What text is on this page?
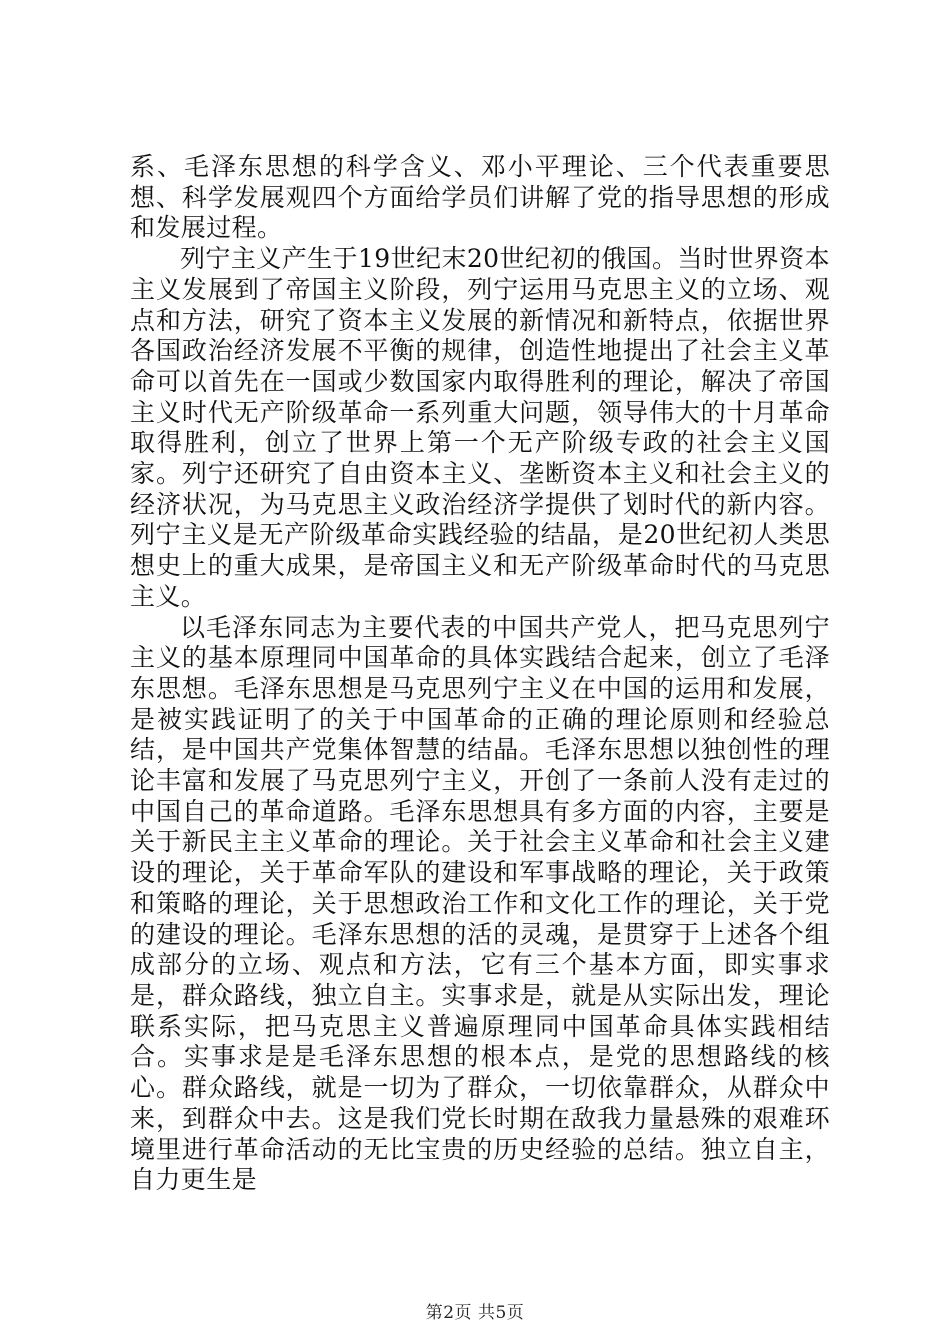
系、毛泽东思想的科学含义、邓小平理论、三个代表重要思想、科学发展观四个方面给学员们讲解了党的指导思想的形成和发展过程。

列宁主义产生于19世纪末20世纪初的俄国。当时世界资本主义发展到了帝国主义阶段，列宁运用马克思主义的立场、观点和方法，研究了资本主义发展的新情况和新特点，依据世界各国政治经济发展不平衡的规律，创造性地提出了社会主义革命可以首先在一国或少数国家内取得胜利的理论，解决了帝国主义时代无产阶级革命一系列重大问题，领导伟大的十月革命取得胜利，创立了世界上第一个无产阶级专政的社会主义国家。列宁还研究了自由资本主义、垄断资本主义和社会主义的经济状况，为马克思主义政治经济学提供了划时代的新内容。列宁主义是无产阶级革命实践经验的结晶，是20世纪初人类思想史上的重大成果，是帝国主义和无产阶级革命时代的马克思主义。

以毛泽东同志为主要代表的中国共产党人，把马克思列宁主义的基本原理同中国革命的具体实践结合起来，创立了毛泽东思想。毛泽东思想是马克思列宁主义在中国的运用和发展，是被实践证明了的关于中国革命的正确的理论原则和经验总结，是中国共产党集体智慧的结晶。毛泽东思想以独创性的理论丰富和发展了马克思列宁主义，开创了一条前人没有走过的中国自己的革命道路。毛泽东思想具有多方面的内容，主要是关于新民主主义革命的理论。关于社会主义革命和社会主义建设的理论，关于革命军队的建设和军事战略的理论，关于政策和策略的理论，关于思想政治工作和文化工作的理论，关于党的建设的理论。毛泽东思想的活的灵魂，是贯穿于上述各个组成部分的立场、观点和方法，它有三个基本方面，即实事求是，群众路线，独立自主。实事求是，就是从实际出发，理论联系实际，把马克思主义普遍原理同中国革命具体实践相结合。实事求是是毛泽东思想的根本点，是党的思想路线的核心。群众路线，就是一切为了群众，一切依靠群众，从群众中来，到群众中去。这是我们党长时期在敌我力量悬殊的艰难环境里进行革命活动的无比宝贵的历史经验的总结。独立自主，自力更生是

第2页 共5页
